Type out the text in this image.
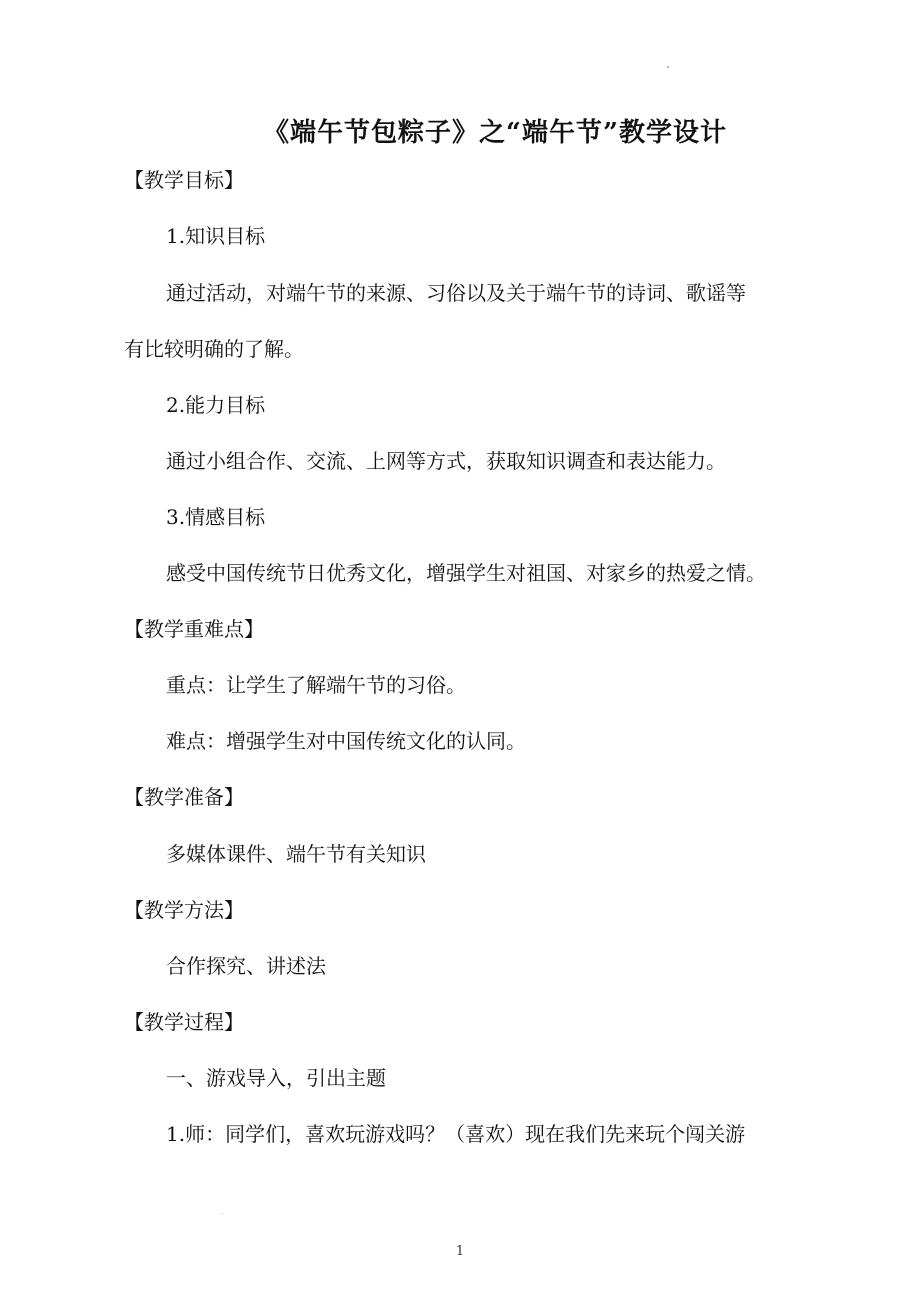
《端午节包粽子》之“端午节”教学设计
【教学目标】
1.知识目标
通过活动，对端午节的来源、习俗以及关于端午节的诗词、歌谣等
有比较明确的了解。
2.能力目标
通过小组合作、交流、上网等方式，获取知识调查和表达能力。
3.情感目标
感受中国传统节日优秀文化，增强学生对祖国、对家乡的热爱之情。
【教学重难点】
重点：让学生了解端午节的习俗。
难点：增强学生对中国传统文化的认同。
【教学准备】
多媒体课件、端午节有关知识
【教学方法】
合作探究、讲述法
【教学过程】
一、游戏导入，引出主题
1.师：同学们，喜欢玩游戏吗？（喜欢）现在我们先来玩个闯关游
1
